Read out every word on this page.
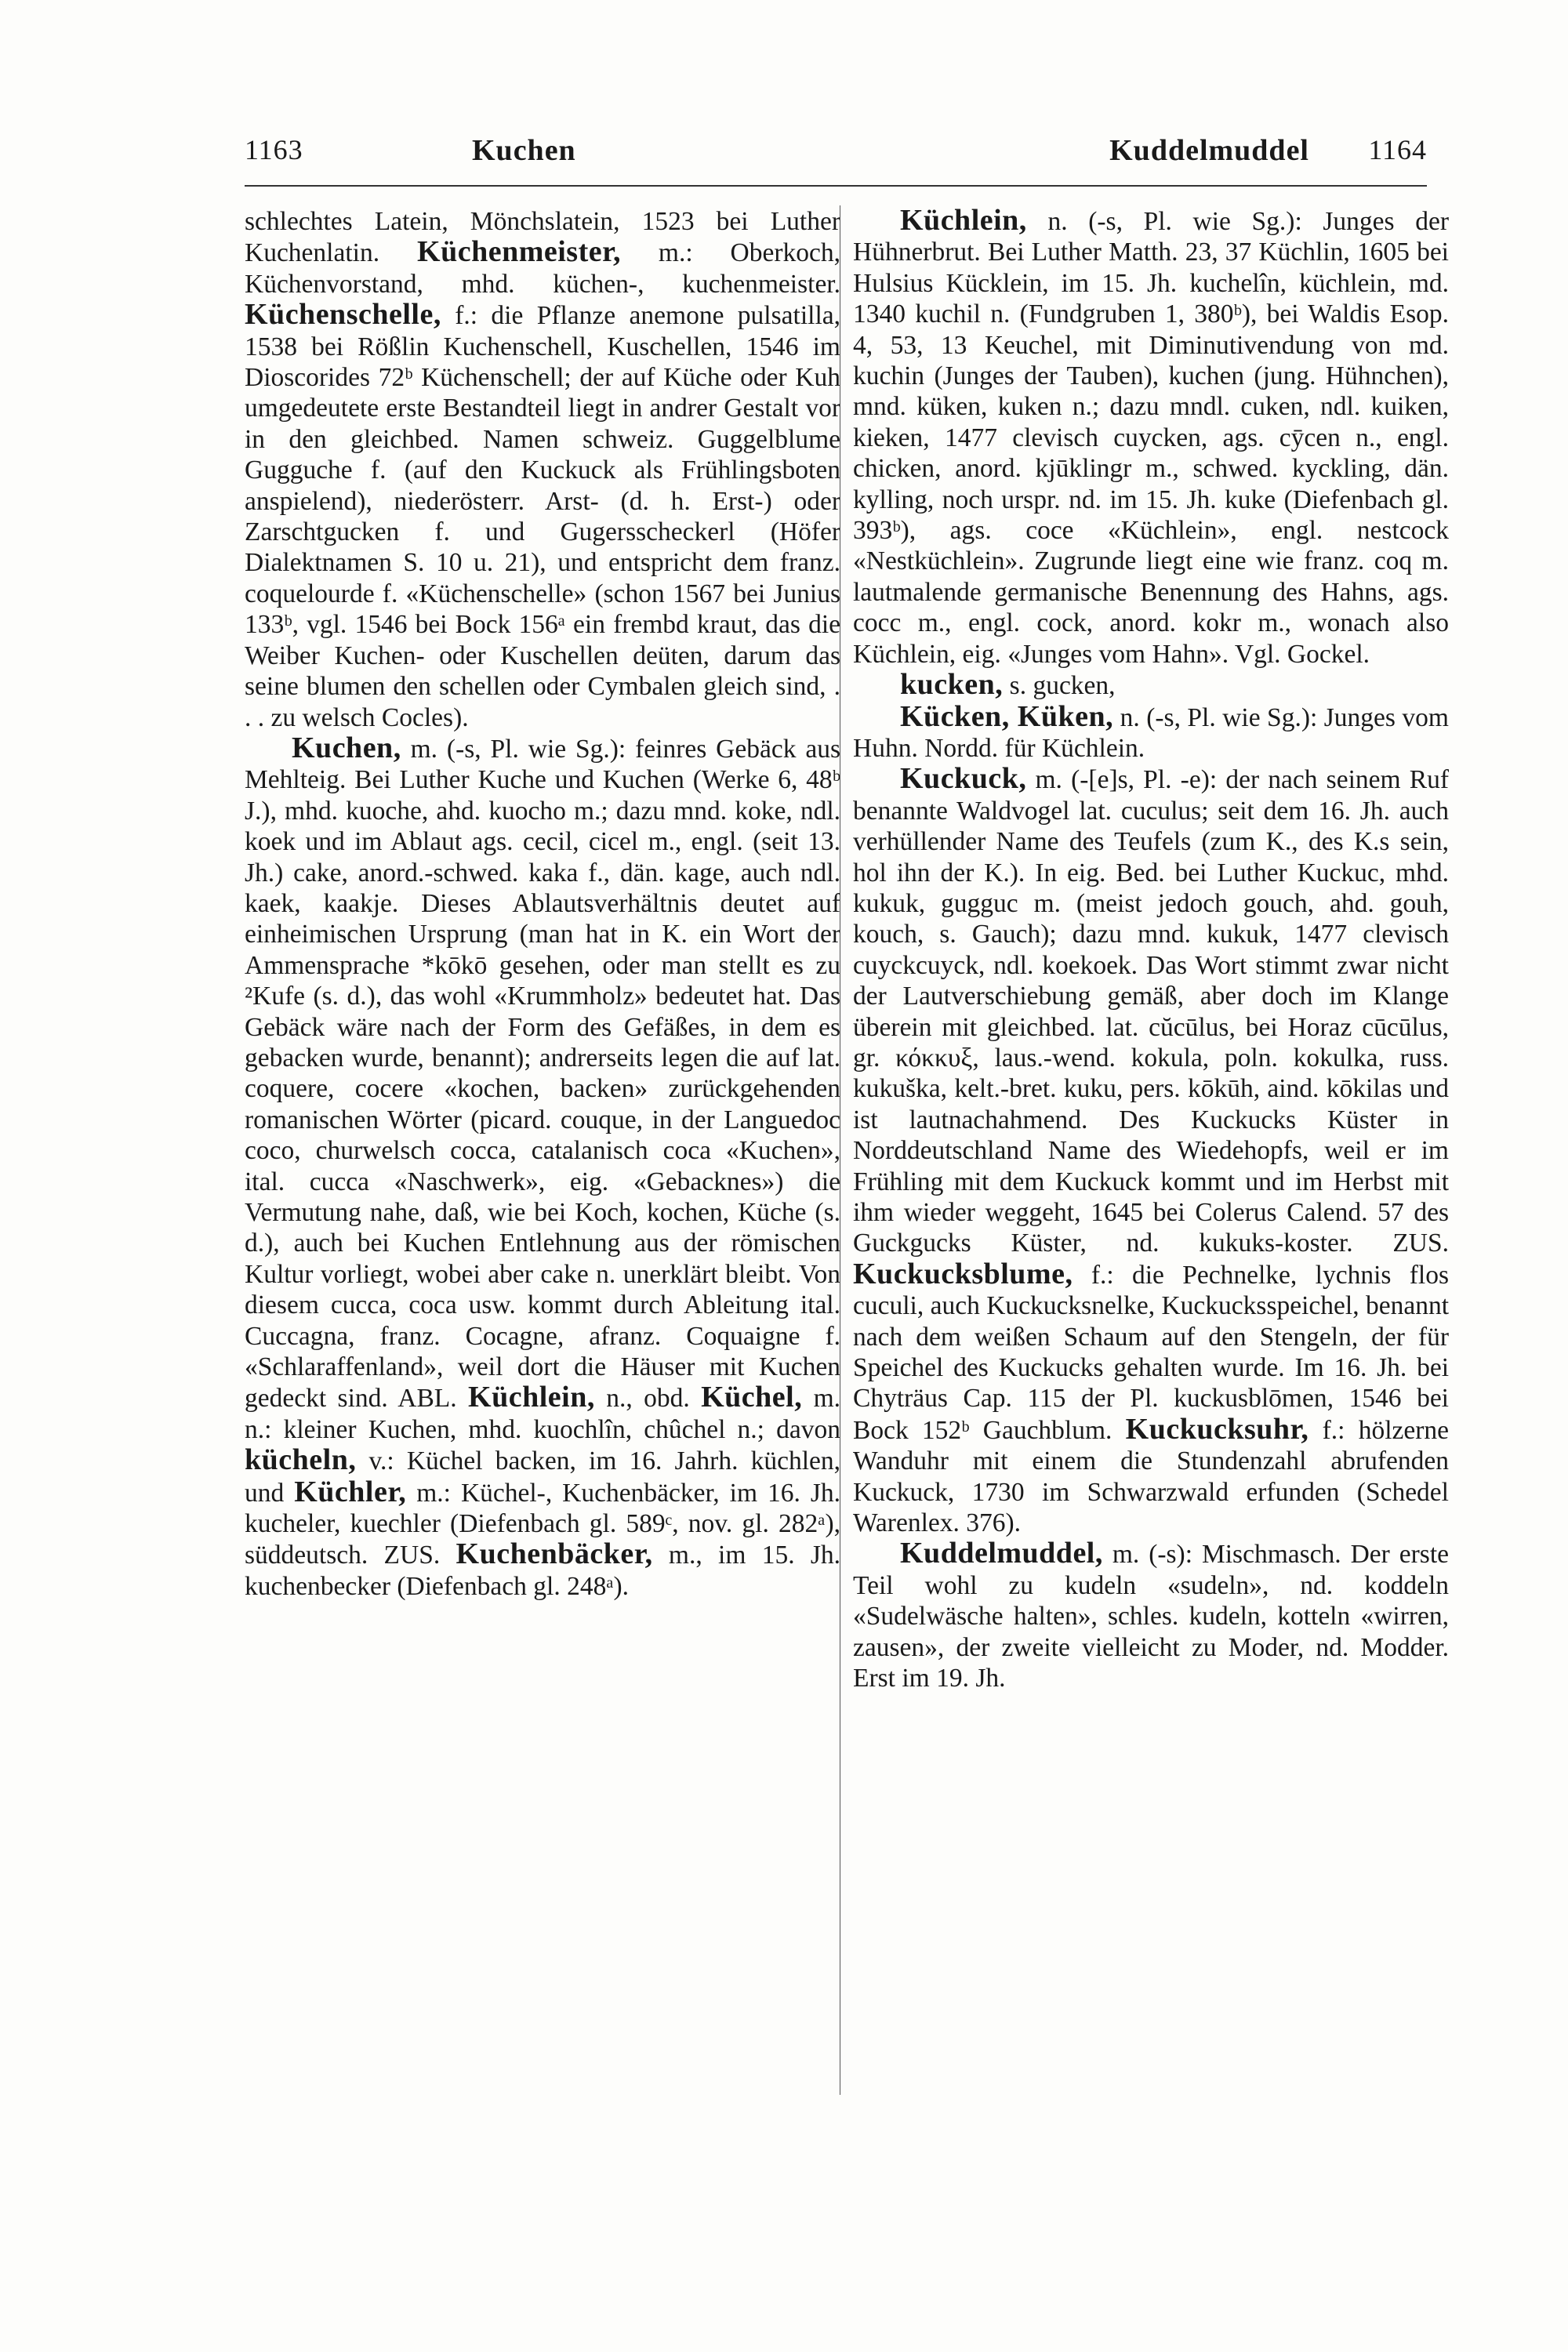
1163	Kuchen	Kuddelmuddel 1164

schlechtes Latein, Mönchslatein, 1523 bei Luther Kuchenlatin. Küchenmeister, m.: Oberkoch, Küchenvorstand, mhd. küchen-, kuchenmeister. Küchenschelle, f.: die Pflanze anemone pulsatilla, 1538 bei Rößlin Kuchenschell, Kuschellen, 1546 im Dioscorides 72ᵇ Küchenschell; der auf Küche oder Kuh umgedeutete erste Bestandteil liegt in andrer Gestalt vor in den gleichbed. Namen schweiz. Guggelblume Gugguche f. (auf den Kuckuck als Frühlingsboten anspielend), niederösterr. Arst- (d. h. Erst-) oder Zarschtgucken f. und Gugersscheckerl (Höfer Dialektnamen S. 10 u. 21), und entspricht dem franz. coquelourde f. «Küchenschelle» (schon 1567 bei Junius 133ᵇ, vgl. 1546 bei Bock 156ᵃ ein frembd kraut, das die Weiber Kuchen- oder Kuschellen deüten, darum das seine blumen den schellen oder Cymbalen gleich sind, . . . zu welsch Cocles).

Kuchen, m. (-s, Pl. wie Sg.): feinres Gebäck aus Mehlteig. Bei Luther Kuche und Kuchen (Werke 6, 48ᵇ J.), mhd. kuoche, ahd. kuocho m.; dazu mnd. koke, ndl. koek und im Ablaut ags. cecil, cicel m., engl. (seit 13. Jh.) cake, anord.-schwed. kaka f., dän. kage, auch ndl. kaek, kaakje. Dieses Ablautsverhältnis deutet auf einheimischen Ursprung (man hat in K. ein Wort der Ammensprache *kōkō gesehen, oder man stellt es zu ²Kufe (s. d.), das wohl «Krummholz» bedeutet hat. Das Gebäck wäre nach der Form des Gefäßes, in dem es gebacken wurde, benannt); andrerseits legen die auf lat. coquere, cocere «kochen, backen» zurückgehenden romanischen Wörter (picard. couque, in der Languedoc coco, churwelsch cocca, catalanisch coca «Kuchen», ital. cucca «Naschwerk», eig. «Gebacknes») die Vermutung nahe, daß, wie bei Koch, kochen, Küche (s. d.), auch bei Kuchen Entlehnung aus der römischen Kultur vorliegt, wobei aber cake n. unerklärt bleibt. Von diesem cucca, coca usw. kommt durch Ableitung ital. Cuccagna, franz. Cocagne, afranz. Coquaigne f. «Schlaraffenland», weil dort die Häuser mit Kuchen gedeckt sind. ABL. Küchlein, n., obd. Küchel, m. n.: kleiner Kuchen, mhd. kuochlîn, chûchel n.; davon kücheln, v.: Küchel backen, im 16. Jahrh. küchlen, und Küchler, m.: Küchel-, Kuchenbäcker, im 16. Jh. kucheler, kuechler (Diefenbach gl. 589ᶜ, nov. gl. 282ᵃ), süddeutsch. ZUS. Kuchenbäcker, m., im 15. Jh. kuchenbecker (Diefenbach gl. 248ᵃ).

Küchlein, n. (-s, Pl. wie Sg.): Junges der Hühnerbrut. Bei Luther Matth. 23, 37 Küchlin, 1605 bei Hulsius Kücklein, im 15. Jh. kuchelîn, küchlein, md. 1340 kuchil n. (Fundgruben 1, 380ᵇ), bei Waldis Esop. 4, 53, 13 Keuchel, mit Diminutivendung von md. kuchin (Junges der Tauben), kuchen (jung. Hühnchen), mnd. küken, kuken n.; dazu mndl. cuken, ndl. kuiken, kieken, 1477 clevisch cuycken, ags. cȳcen n., engl. chicken, anord. kjūklingr m., schwed. kyckling, dän. kylling, noch urspr. nd. im 15. Jh. kuke (Diefenbach gl. 393ᵇ), ags. coce «Küchlein», engl. nestcock «Nestküchlein». Zugrunde liegt eine wie franz. coq m. lautmalende germanische Benennung des Hahns, ags. cocc m., engl. cock, anord. kokr m., wonach also Küchlein, eig. «Junges vom Hahn». Vgl. Gockel.

kucken, s. gucken,

Kücken, Küken, n. (-s, Pl. wie Sg.): Junges vom Huhn. Nordd. für Küchlein.

Kuckuck, m. (-[e]s, Pl. -e): der nach seinem Ruf benannte Waldvogel lat. cuculus; seit dem 16. Jh. auch verhüllender Name des Teufels (zum K., des K.s sein, hol ihn der K.). In eig. Bed. bei Luther Kuckuc, mhd. kukuk, gugguc m. (meist jedoch gouch, ahd. gouh, kouch, s. Gauch); dazu mnd. kukuk, 1477 clevisch cuyckcuyck, ndl. koekoek. Das Wort stimmt zwar nicht der Lautverschiebung gemäß, aber doch im Klange überein mit gleichbed. lat. cŭcūlus, bei Horaz cūcūlus, gr. κόκκυξ, laus.-wend. kokula, poln. kokulka, russ. kukuška, kelt.-bret. kuku, pers. kōkūh, aind. kōkilas und ist lautnachahmend. Des Kuckucks Küster in Norddeutschland Name des Wiedehopfs, weil er im Frühling mit dem Kuckuck kommt und im Herbst mit ihm wieder weggeht, 1645 bei Colerus Calend. 57 des Guckgucks Küster, nd. kukuks-koster. ZUS. Kuckucksblume, f.: die Pechnelke, lychnis flos cuculi, auch Kuckucksnelke, Kuckucksspeichel, benannt nach dem weißen Schaum auf den Stengeln, der für Speichel des Kuckucks gehalten wurde. Im 16. Jh. bei Chyträus Cap. 115 der Pl. kuckusblōmen, 1546 bei Bock 152ᵇ Gauchblum. Kuckucksuhr, f.: hölzerne Wanduhr mit einem die Stundenzahl abrufenden Kuckuck, 1730 im Schwarzwald erfunden (Schedel Warenlex. 376).

Kuddelmuddel, m. (-s): Mischmasch. Der erste Teil wohl zu kudeln «sudeln», nd. koddeln «Sudelwäsche halten», schles. kudeln, kotteln «wirren, zausen», der zweite vielleicht zu Moder, nd. Modder. Erst im 19. Jh.
